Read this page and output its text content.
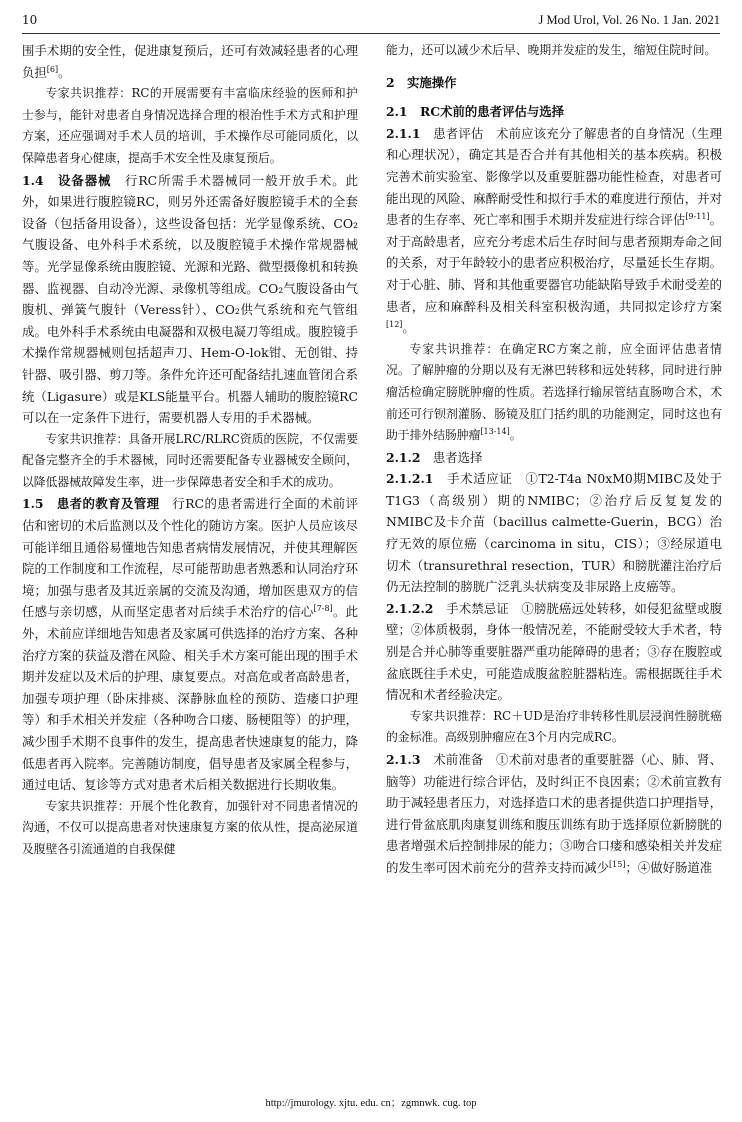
10	J Mod Urol, Vol. 26 No. 1 Jan. 2021

围手术期的安全性，促进康复预后，还可有效减轻患者的心理负担[6]。

专家共识推荐：RC的开展需要有丰富临床经验的医师和护士参与，能针对患者自身情况选择合理的根治性手术方式和护理方案，还应强调对手术人员的培训，手术操作尽可能同质化，以保障患者身心健康，提高手术安全性及康复预后。

1.4　 设备器械　 行RC所需手术器械同一般开放手术。此外，如果进行腹腔镜RC，则另外还需备好腹腔镜手术的全套设备（包括备用设备），这些设备包括：光学显像系统、CO₂气腹设备、电外科手术系统，以及腹腔镜手术操作常规器械等。光学显像系统由腹腔镜、光源和光路、微型摄像机和转换器、监视器、自动冷光源、录像机等组成。CO₂气腹设备由气腹机、弹簧气腹针（Veress针）、CO₂供气系统和充气管组成。电外科手术系统由电凝器和双极电凝刀等组成。腹腔镜手术操作常规器械则包括超声刀、Hem-O-lok钳、无创钳、持针器、吸引器、剪刀等。条件允许还可配备结扎速血管闭合系统（Ligasure）或是KLS能量平台。机器人辅助的腹腔镜RC可以在一定条件下进行，需要机器人专用的手术器械。

专家共识推荐：具备开展LRC/RLRC资质的医院，不仅需要配备完整齐全的手术器械，同时还需要配备专业器械安全顾问，以降低器械故障发生率，进一步保障患者安全和手术的成功。

1.5　 患者的教育及管理　 行RC的患者需进行全面的术前评估和密切的术后监测以及个性化的随访方案。医护人员应该尽可能详细且通俗易懂地告知患者病情发展情况，并使其理解医院的工作制度和工作流程，尽可能帮助患者熟悉和认同治疗环境；加强与患者及其近亲属的交流及沟通，增加医患双方的信任感与亲切感，从而坚定患者对后续手术治疗的信心[7-8]。此外，术前应详细地告知患者及家属可供选择的治疗方案、各种治疗方案的获益及潜在风险、相关手术方案可能出现的围手术期并发症以及术后的护理、康复要点。对高危或者高龄患者，加强专项护理（卧床排痰、深静脉血栓的预防、造瘘口护理等）和手术相关并发症（各种吻合口瘘、肠梗阻等）的护理，减少围手术期不良事件的发生，提高患者快速康复的能力，降低患者再入院率。完善随访制度，倡导患者及家属全程参与，通过电话、复诊等方式对患者术后相关数据进行长期收集。

专家共识推荐：开展个性化教育，加强针对不同患者情况的沟通，不仅可以提高患者对快速康复方案的依从性，提高泌尿道及腹壁各引流通道的自我保健

能力，还可以减少术后早、晚期并发症的发生，缩短住院时间。

2　 实施操作

2.1　 RC术前的患者评估与选择

2.1.1　 患者评估　 术前应该充分了解患者的自身情况（生理和心理状况），确定其是否合并有其他相关的基本疾病。积极完善术前实验室、影像学以及重要脏器功能性检查，对患者可能出现的风险、麻醉耐受性和拟行手术的难度进行预估，并对患者的生存率、死亡率和围手术期并发症进行综合评估[9-11]。对于高龄患者，应充分考虑术后生存时间与患者预期寿命之间的关系，对于年龄较小的患者应积极治疗，尽量延长生存期。对于心脏、肺、肾和其他重要器官功能缺陷导致手术耐受差的患者，应和麻醉科及相关科室积极沟通，共同拟定诊疗方案[12]。

专家共识推荐：在确定RC方案之前，应全面评估患者情况。了解肿瘤的分期以及有无淋巴转移和远处转移，同时进行肿瘤活检确定膀胱肿瘤的性质。若选择行输尿管结直肠吻合术，术前还可行钡剂灌肠、肠镜及肛门括约肌的功能测定，同时这也有助于排外结肠肿瘤[13-14]。

2.1.2　 患者选择

2.1.2.1　 手术适应证　 ①T2-T4a N0xM0期MIBC及处于T1G3（高级别）期的NMIBC；②治疗后反复复发的NMIBC及卡介苗（bacillus calmette-Guerin，BCG）治疗无效的原位癌（carcinoma in situ，CIS）；③经尿道电切术（transurethral resection，TUR）和膀胱灌注治疗后仍无法控制的膀胱广泛乳头状病变及非尿路上皮癌等。

2.1.2.2　 手术禁忌证　 ①膀胱癌远处转移，如侵犯盆壁或腹壁；②体质极弱，身体一般情况差，不能耐受较大手术者，特别是合并心肺等重要脏器严重功能障碍的患者；③存在腹腔或盆底既往手术史，可能造成腹盆腔脏器粘连。需根据既往手术情况和术者经验决定。

专家共识推荐：RC＋UD是治疗非转移性肌层浸润性膀胱癌的金标准。高级别肿瘤应在3个月内完成RC。

2.1.3　 术前准备　 ①术前对患者的重要脏器（心、肺、肾、脑等）功能进行综合评估，及时纠正不良因素；②术前宣教有助于减轻患者压力，对选择造口术的患者提供造口护理指导，进行骨盆底肌肉康复训练和腹压训练有助于选择原位新膀胱的患者增强术后控制排尿的能力；③吻合口瘘和感染相关并发症的发生率可因术前充分的营养支持而减少[15]；④做好肠道准

http://jmurology. xjtu. edu. cn；zgmnwk. cug. top
